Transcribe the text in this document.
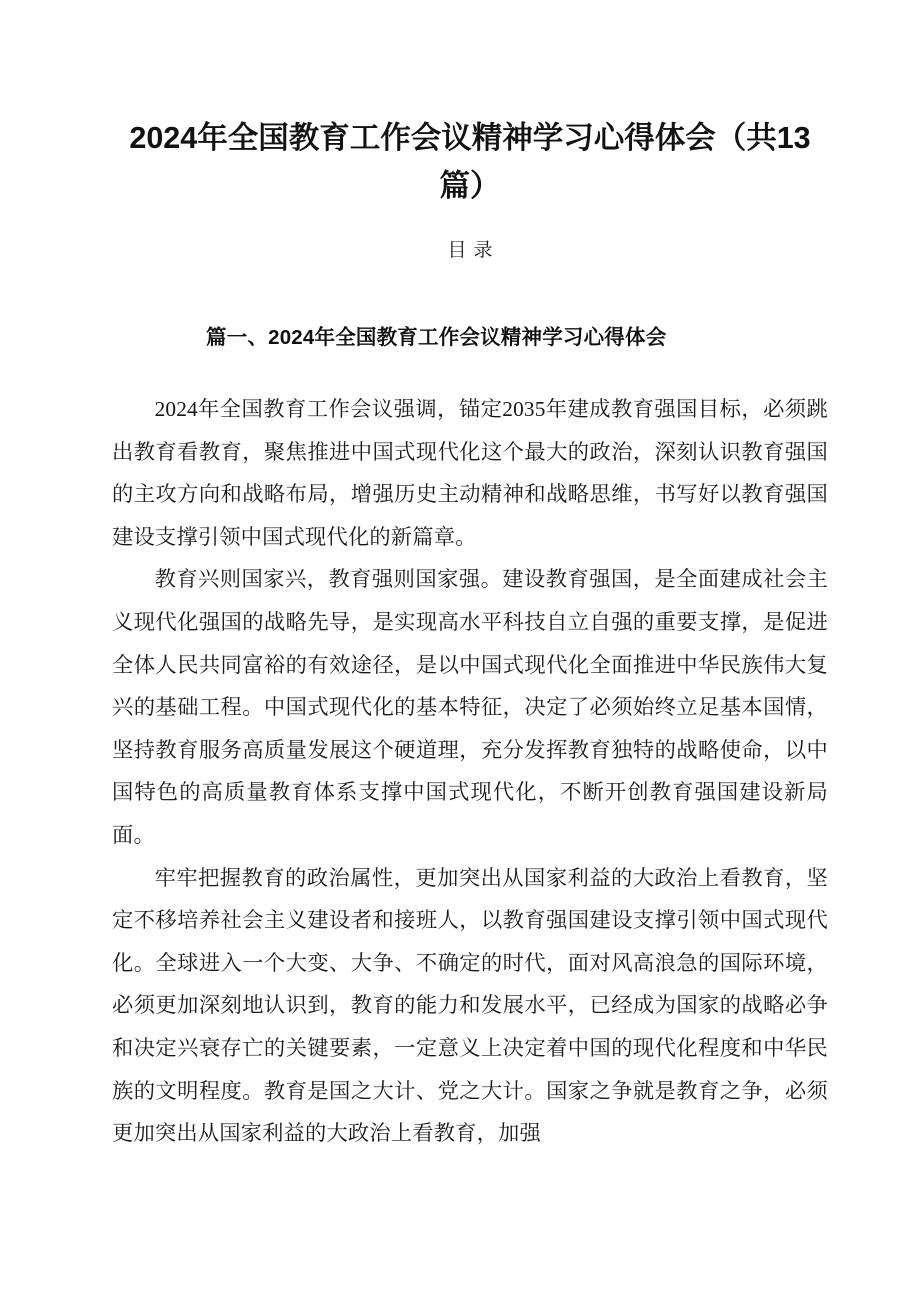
2024年全国教育工作会议精神学习心得体会（共13篇）
目录
篇一、2024年全国教育工作会议精神学习心得体会

2024年全国教育工作会议强调，锚定2035年建成教育强国目标，必须跳出教育看教育，聚焦推进中国式现代化这个最大的政治，深刻认识教育强国的主攻方向和战略布局，增强历史主动精神和战略思维，书写好以教育强国建设支撑引领中国式现代化的新篇章。

教育兴则国家兴，教育强则国家强。建设教育强国，是全面建成社会主义现代化强国的战略先导，是实现高水平科技自立自强的重要支撑，是促进全体人民共同富裕的有效途径，是以中国式现代化全面推进中华民族伟大复兴的基础工程。中国式现代化的基本特征，决定了必须始终立足基本国情，坚持教育服务高质量发展这个硬道理，充分发挥教育独特的战略使命，以中国特色的高质量教育体系支撑中国式现代化，不断开创教育强国建设新局面。

牢牢把握教育的政治属性，更加突出从国家利益的大政治上看教育，坚定不移培养社会主义建设者和接班人，以教育强国建设支撑引领中国式现代化。全球进入一个大变、大争、不确定的时代，面对风高浪急的国际环境，必须更加深刻地认识到，教育的能力和发展水平，已经成为国家的战略必争和决定兴衰存亡的关键要素，一定意义上决定着中国的现代化程度和中华民族的文明程度。教育是国之大计、党之大计。国家之争就是教育之争，必须更加突出从国家利益的大政治上看教育，加强
